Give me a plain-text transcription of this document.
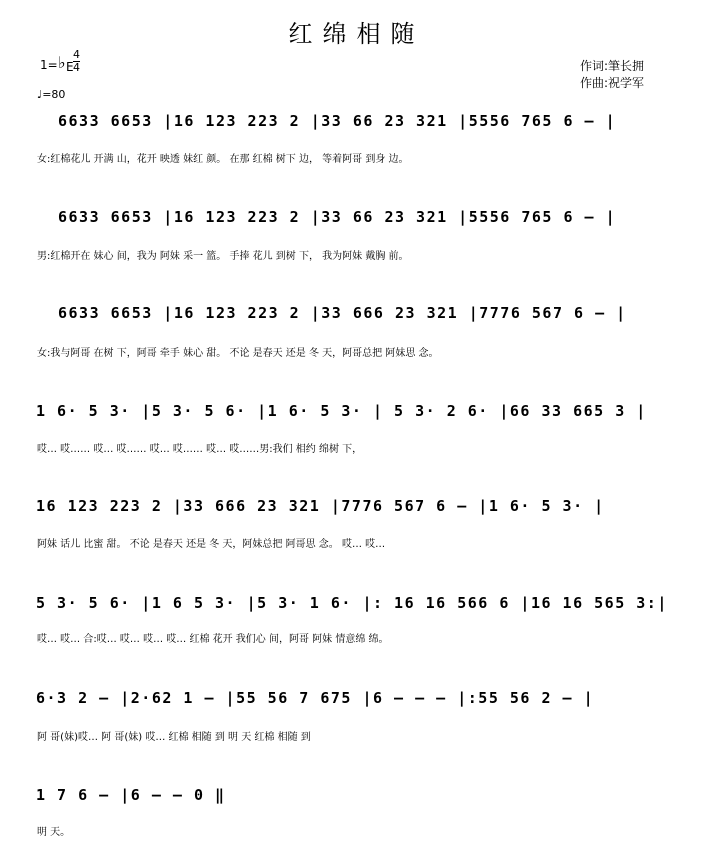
红绵相随
1= ♭ E
4
4
♩=80
作词:筆长拥
作曲:祝学军
6633 6653 |16 123 223 2 |33 66 23 321 |5556 765 6 – |
女:红棉花儿 开满 山，花开 映透 妹红 颜。 在那 红棉 树下 边， 等着阿哥 到身 边。
6633 6653 |16 123 223 2 |33 66 23 321 |5556 765 6 – |
男:红棉开在 妹心 间，我为 阿妹 采一 篮。 手捧 花儿 到树 下， 我为阿妹 戴胸 前。
6633 6653 |16 123 223 2 |33 666 23 321 |7776 567 6 – |
女:我与阿哥 在树 下，阿哥 牵手 妹心 甜。 不论 是春天 还是 冬 天，阿哥总把 阿妹思 念。
1 6· 5 3· |5 3· 5 6· |1 6· 5 3· | 5 3· 2 6· |66 33 665 3 |
哎… 哎…… 哎… 哎…… 哎… 哎…… 哎… 哎……男:我们 相约 绵树 下，
16 123 223 2 |33 666 23 321 |7776 567 6 – |1 6· 5 3· |
阿妹 话儿 比蜜 甜。 不论 是春天 还是 冬 天，阿妹总把 阿哥思 念。 哎… 哎…
5 3· 5 6· |1 6 5 3· |5 3· 1 6· |: 16 16 566 6 |16 16 565 3:|
哎… 哎… 合:哎… 哎… 哎… 哎… 红棉 花开 我们心 间，阿哥 阿妹 情意绵 绵。
6·3 2 – |2·62 1 – |55 56 7 675 |6 – – – |:55 56 2 – |
阿 哥(妹)哎… 阿 哥(妹) 哎… 红棉 相随 到 明 天 红棉 相随 到
1 7 6 – |6 – – 0 ‖
明 天。
